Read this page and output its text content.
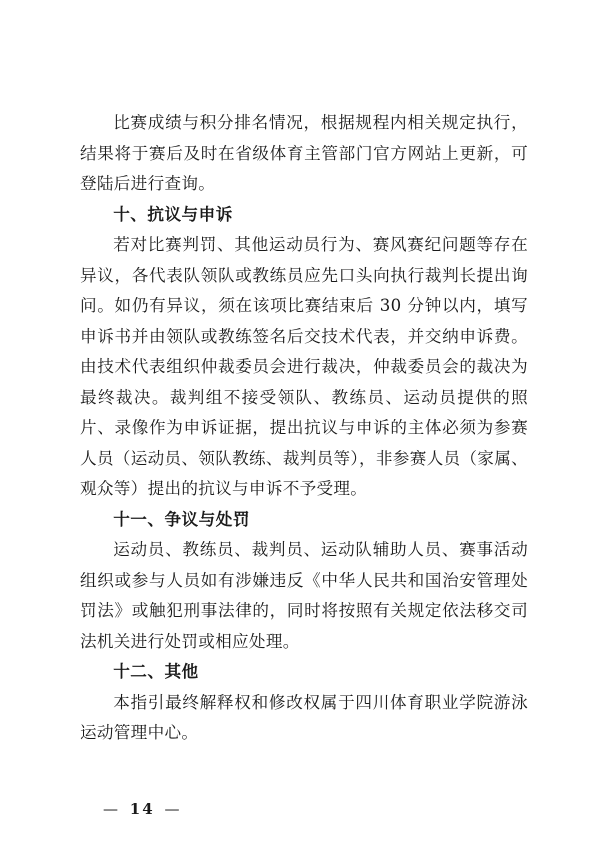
比赛成绩与积分排名情况，根据规程内相关规定执行，结果将于赛后及时在省级体育主管部门官方网站上更新，可登陆后进行查询。

十、抗议与申诉

若对比赛判罚、其他运动员行为、赛风赛纪问题等存在异议，各代表队领队或教练员应先口头向执行裁判长提出询问。如仍有异议，须在该项比赛结束后 30 分钟以内，填写申诉书并由领队或教练签名后交技术代表，并交纳申诉费。由技术代表组织仲裁委员会进行裁决，仲裁委员会的裁决为最终裁决。裁判组不接受领队、教练员、运动员提供的照片、录像作为申诉证据，提出抗议与申诉的主体必须为参赛人员（运动员、领队教练、裁判员等），非参赛人员（家属、观众等）提出的抗议与申诉不予受理。

十一、争议与处罚

运动员、教练员、裁判员、运动队辅助人员、赛事活动组织或参与人员如有涉嫌违反《中华人民共和国治安管理处罚法》或触犯刑事法律的，同时将按照有关规定依法移交司法机关进行处罚或相应处理。

十二、其他

本指引最终解释权和修改权属于四川体育职业学院游泳运动管理中心。

— 14 —
